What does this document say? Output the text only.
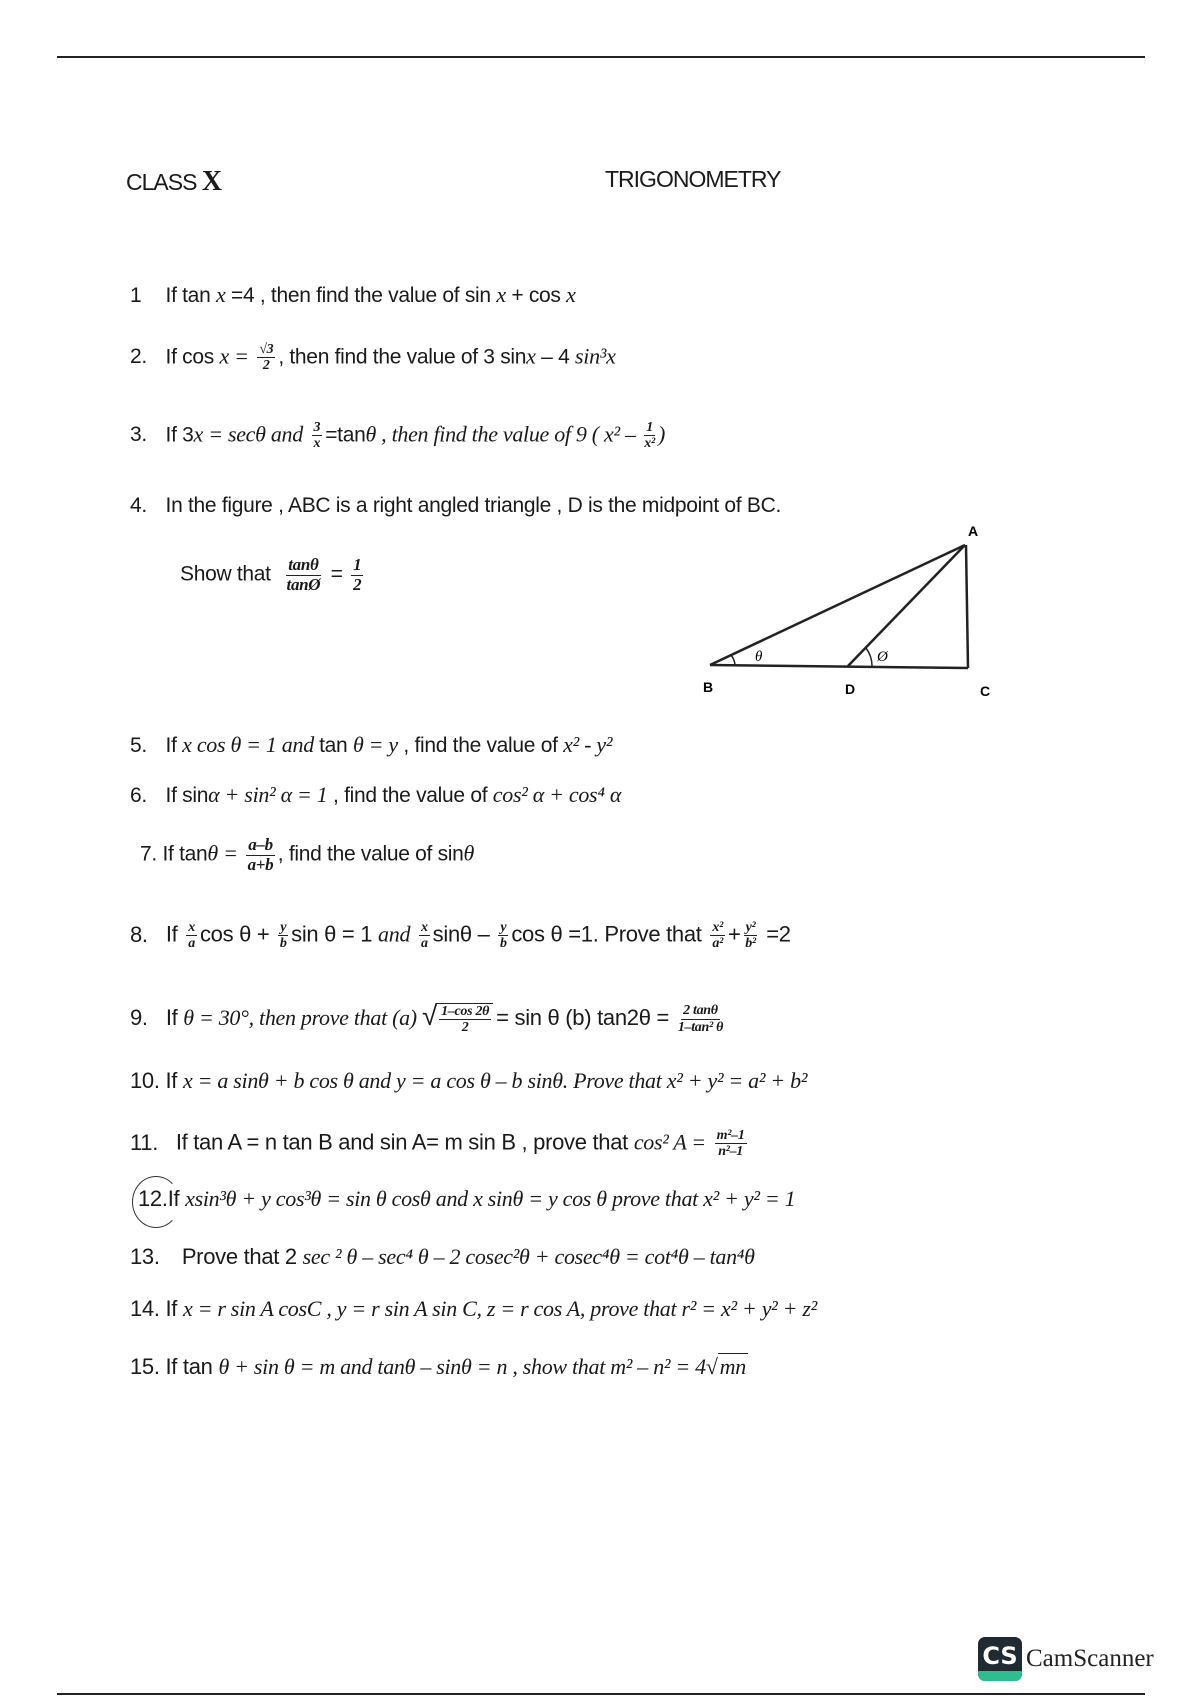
CLASS X	TRIGONOMETRY
1 If tan x =4 , then find the value of sin x + cos x
2. If $\cos x = \frac{√3}{2}$ , then find the value of 3 sinx – 4 sin³x
3. If 3x = secθ and $\frac{3}{x} =\tan\theta$ , then find the value of 9 ( $x^2 - \frac{1}{\text{x²}}$ )
4. In the figure , ABC is a right angled triangle , D is the midpoint of BC.
Show that $\frac{\tan\theta}{\tan Ø} = \frac{1}{2}$
θ	Ø
A
B	D	C
5. If x cos θ = 1 and tan θ = y , find the value of x² - y²
6. If sinα + sin² α = 1 , find the value of cos² α + cos⁴ α
7. If $\tan\theta = \frac{a-b}{a+b}$ , find the value of sinθ
8. If $\frac{x}{a}$ $\cos \theta + \frac{y}{b}$ sin θ = 1 and $\frac{x}{a}$ sinθ – $\frac{y}{b}$ cos θ =1. Prove that $\frac{\text{x²}}{\text{a²}} + \frac{\text{y²}}{\text{b²}} =2$
9. If θ = 30°, then prove that (a) √ $\frac{1-\cos 2\theta}{2} = \sin \theta$ (b) $\tan 2\theta = \frac{2 \tan\theta}{\text{1–tan² θ}}$
10. If x = a sinθ + b cos θ and y = a cos θ – b sinθ. Prove that x² + y² = a² + b²
11. If tan A = n tan B and sin A= m sin B , prove that cos² $A = \frac{\text{m²–1}}{\text{n²–1}}$
12.If xsin³θ + y cos³θ = sin θ cosθ and x sinθ = y cos θ prove that x² + y² = 1
13. Prove that 2 sec ² θ – sec⁴ θ – 2 cosec²θ + cosec⁴θ = cot⁴θ – tan⁴θ
14. If x = r sin A cosC , y = r sin A sin C, z = r cos A, prove that r² = x² + y² + z²
15. If tan θ + sin θ = m and tanθ – sinθ = n , show that m² – n² = 4√mn
CS CamScanner
